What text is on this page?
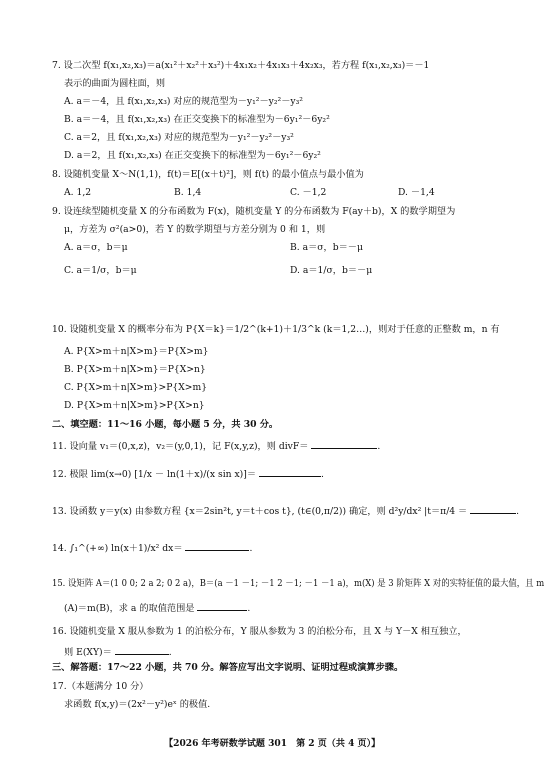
7. 设二次型 f(x₁,x₂,x₃)＝a(x₁²＋x₂²＋x₃²)＋4x₁x₂＋4x₁x₃＋4x₂x₃，若方程 f(x₁,x₂,x₃)＝－1
表示的曲面为圆柱面，则
A. a＝－4，且 f(x₁,x₂,x₃) 对应的规范型为－y₁²－y₂²－y₃²
B. a＝－4，且 f(x₁,x₂,x₃) 在正交变换下的标准型为－6y₁²－6y₂²
C. a＝2，且 f(x₁,x₂,x₃) 对应的规范型为－y₁²－y₂²－y₃²
D. a＝2，且 f(x₁,x₂,x₃) 在正交变换下的标准型为－6y₁²－6y₂²
8. 设随机变量 X～N(1,1)，f(t)＝E[(x＋t)²]，则 f(t) 的最小值点与最小值为
A. 1,2	B. 1,4	C. －1,2	D. －1,4
9. 设连续型随机变量 X 的分布函数为 F(x)，随机变量 Y 的分布函数为 F(ay＋b)，X 的数学期望为
μ，方差为 σ²(a>0)，若 Y 的数学期望与方差分别为 0 和 1，则
A. a＝σ，b＝μ	B. a＝σ，b＝－μ
C. a＝1/σ，b＝μ	D. a＝1/σ，b＝－μ
10. 设随机变量 X 的概率分布为 P{X＝k}＝1/2^(k+1)＋1/3^k (k＝1,2…)，则对于任意的正整数 m，n 有
A. P{X>m＋n|X>m}＝P{X>m}
B. P{X>m＋n|X>m}＝P{X>n}
C. P{X>m＋n|X>m}>P{X>m}
D. P{X>m＋n|X>m}>P{X>n}
二、填空题：11～16 小题，每小题 5 分，共 30 分。
11. 设向量 v₁＝(0,x,z)，v₂＝(y,0,1)，记 F(x,y,z)，则 divF＝	.
12. 极限 lim(x→0) [1/x － ln(1＋x)/(x sin x)]＝	.
13. 设函数 y＝y(x) 由参数方程 {x＝2sin²t, y＝t＋cos t}, (t∈(0,π/2)) 确定，则 d²y/dx² |t＝π/4 ＝	.
14. ∫₁^(+∞) ln(x＋1)/x² dx＝	.
15. 设矩阵 A＝(1 0 0; 2 a 2; 0 2 a)，B＝(a －1 －1; －1 2 －1; －1 －1 a)，m(X) 是 3 阶矩阵 X 对的实特征值的最大值，且 m
(A)＝m(B)，求 a 的取值范围是	.
16. 设随机变量 X 服从参数为 1 的泊松分布，Y 服从参数为 3 的泊松分布，且 X 与 Y－X 相互独立，
则 E(XY)＝	.
三、解答题：17～22 小题，共 70 分。解答应写出文字说明、证明过程或演算步骤。
17.（本题满分 10 分）
求函数 f(x,y)＝(2x²－y²)eˣ 的极值.
【2026 年考研数学试题 301　第 2 页（共 4 页）】
